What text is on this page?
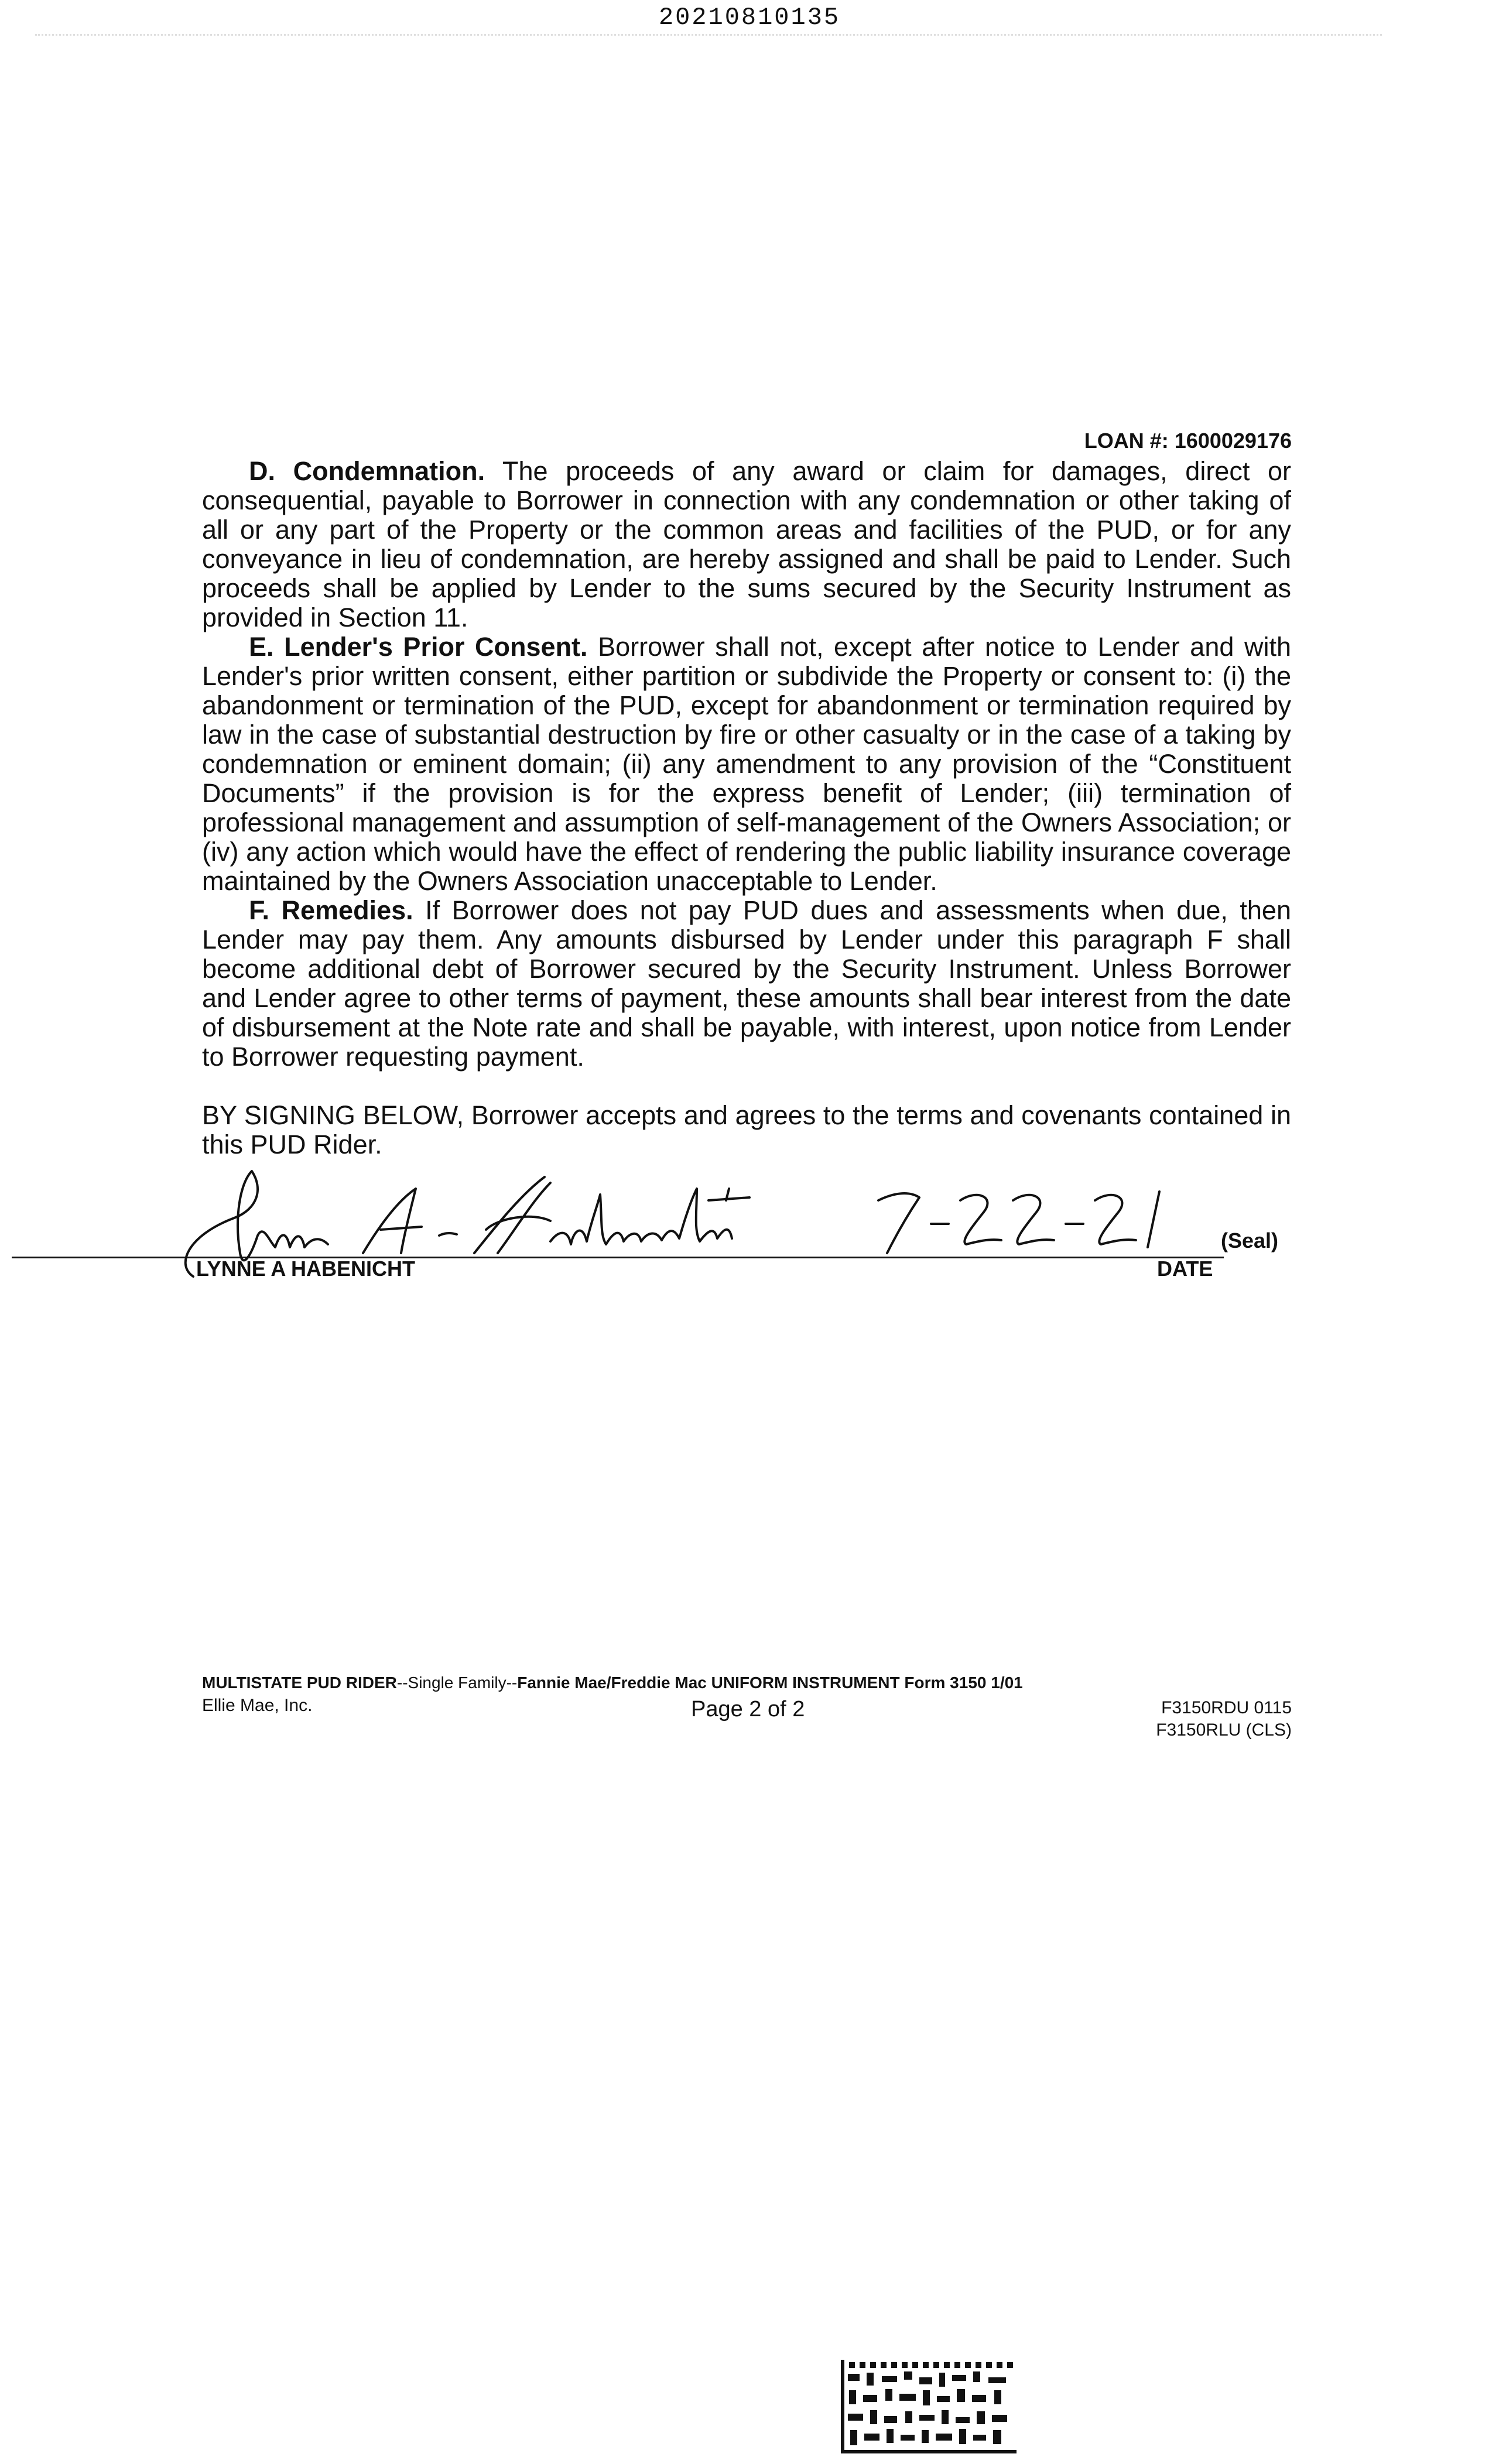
20210810135
LOAN #: 1600029176

D. Condemnation. The proceeds of any award or claim for damages, direct or consequential, payable to Borrower in connection with any condemnation or other taking of all or any part of the Property or the common areas and facilities of the PUD, or for any conveyance in lieu of condemnation, are hereby assigned and shall be paid to Lender. Such proceeds shall be applied by Lender to the sums secured by the Security Instrument as provided in Section 11.

E. Lender's Prior Consent. Borrower shall not, except after notice to Lender and with Lender's prior written consent, either partition or subdivide the Property or consent to: (i) the abandonment or termination of the PUD, except for abandonment or termination required by law in the case of substantial destruction by fire or other casualty or in the case of a taking by condemnation or eminent domain; (ii) any amendment to any provision of the “Constituent Documents” if the provision is for the express benefit of Lender; (iii) termination of professional management and assumption of self-management of the Owners Association; or (iv) any action which would have the effect of rendering the public liability insurance coverage maintained by the Owners Association unacceptable to Lender.

F. Remedies. If Borrower does not pay PUD dues and assessments when due, then Lender may pay them. Any amounts disbursed by Lender under this paragraph F shall become additional debt of Borrower secured by the Security Instrument. Unless Borrower and Lender agree to other terms of payment, these amounts shall bear interest from the date of disbursement at the Note rate and shall be payable, with interest, upon notice from Lender to Borrower requesting payment.

BY SIGNING BELOW, Borrower accepts and agrees to the terms and covenants contained in this PUD Rider.

(Seal)
LYNNE A HABENICHT	DATE
MULTISTATE PUD RIDER--Single Family--Fannie Mae/Freddie Mac UNIFORM INSTRUMENT Form 3150 1/01
Ellie Mae, Inc.	Page 2 of 2	F3150RDU 0115
F3150RLU (CLS)
